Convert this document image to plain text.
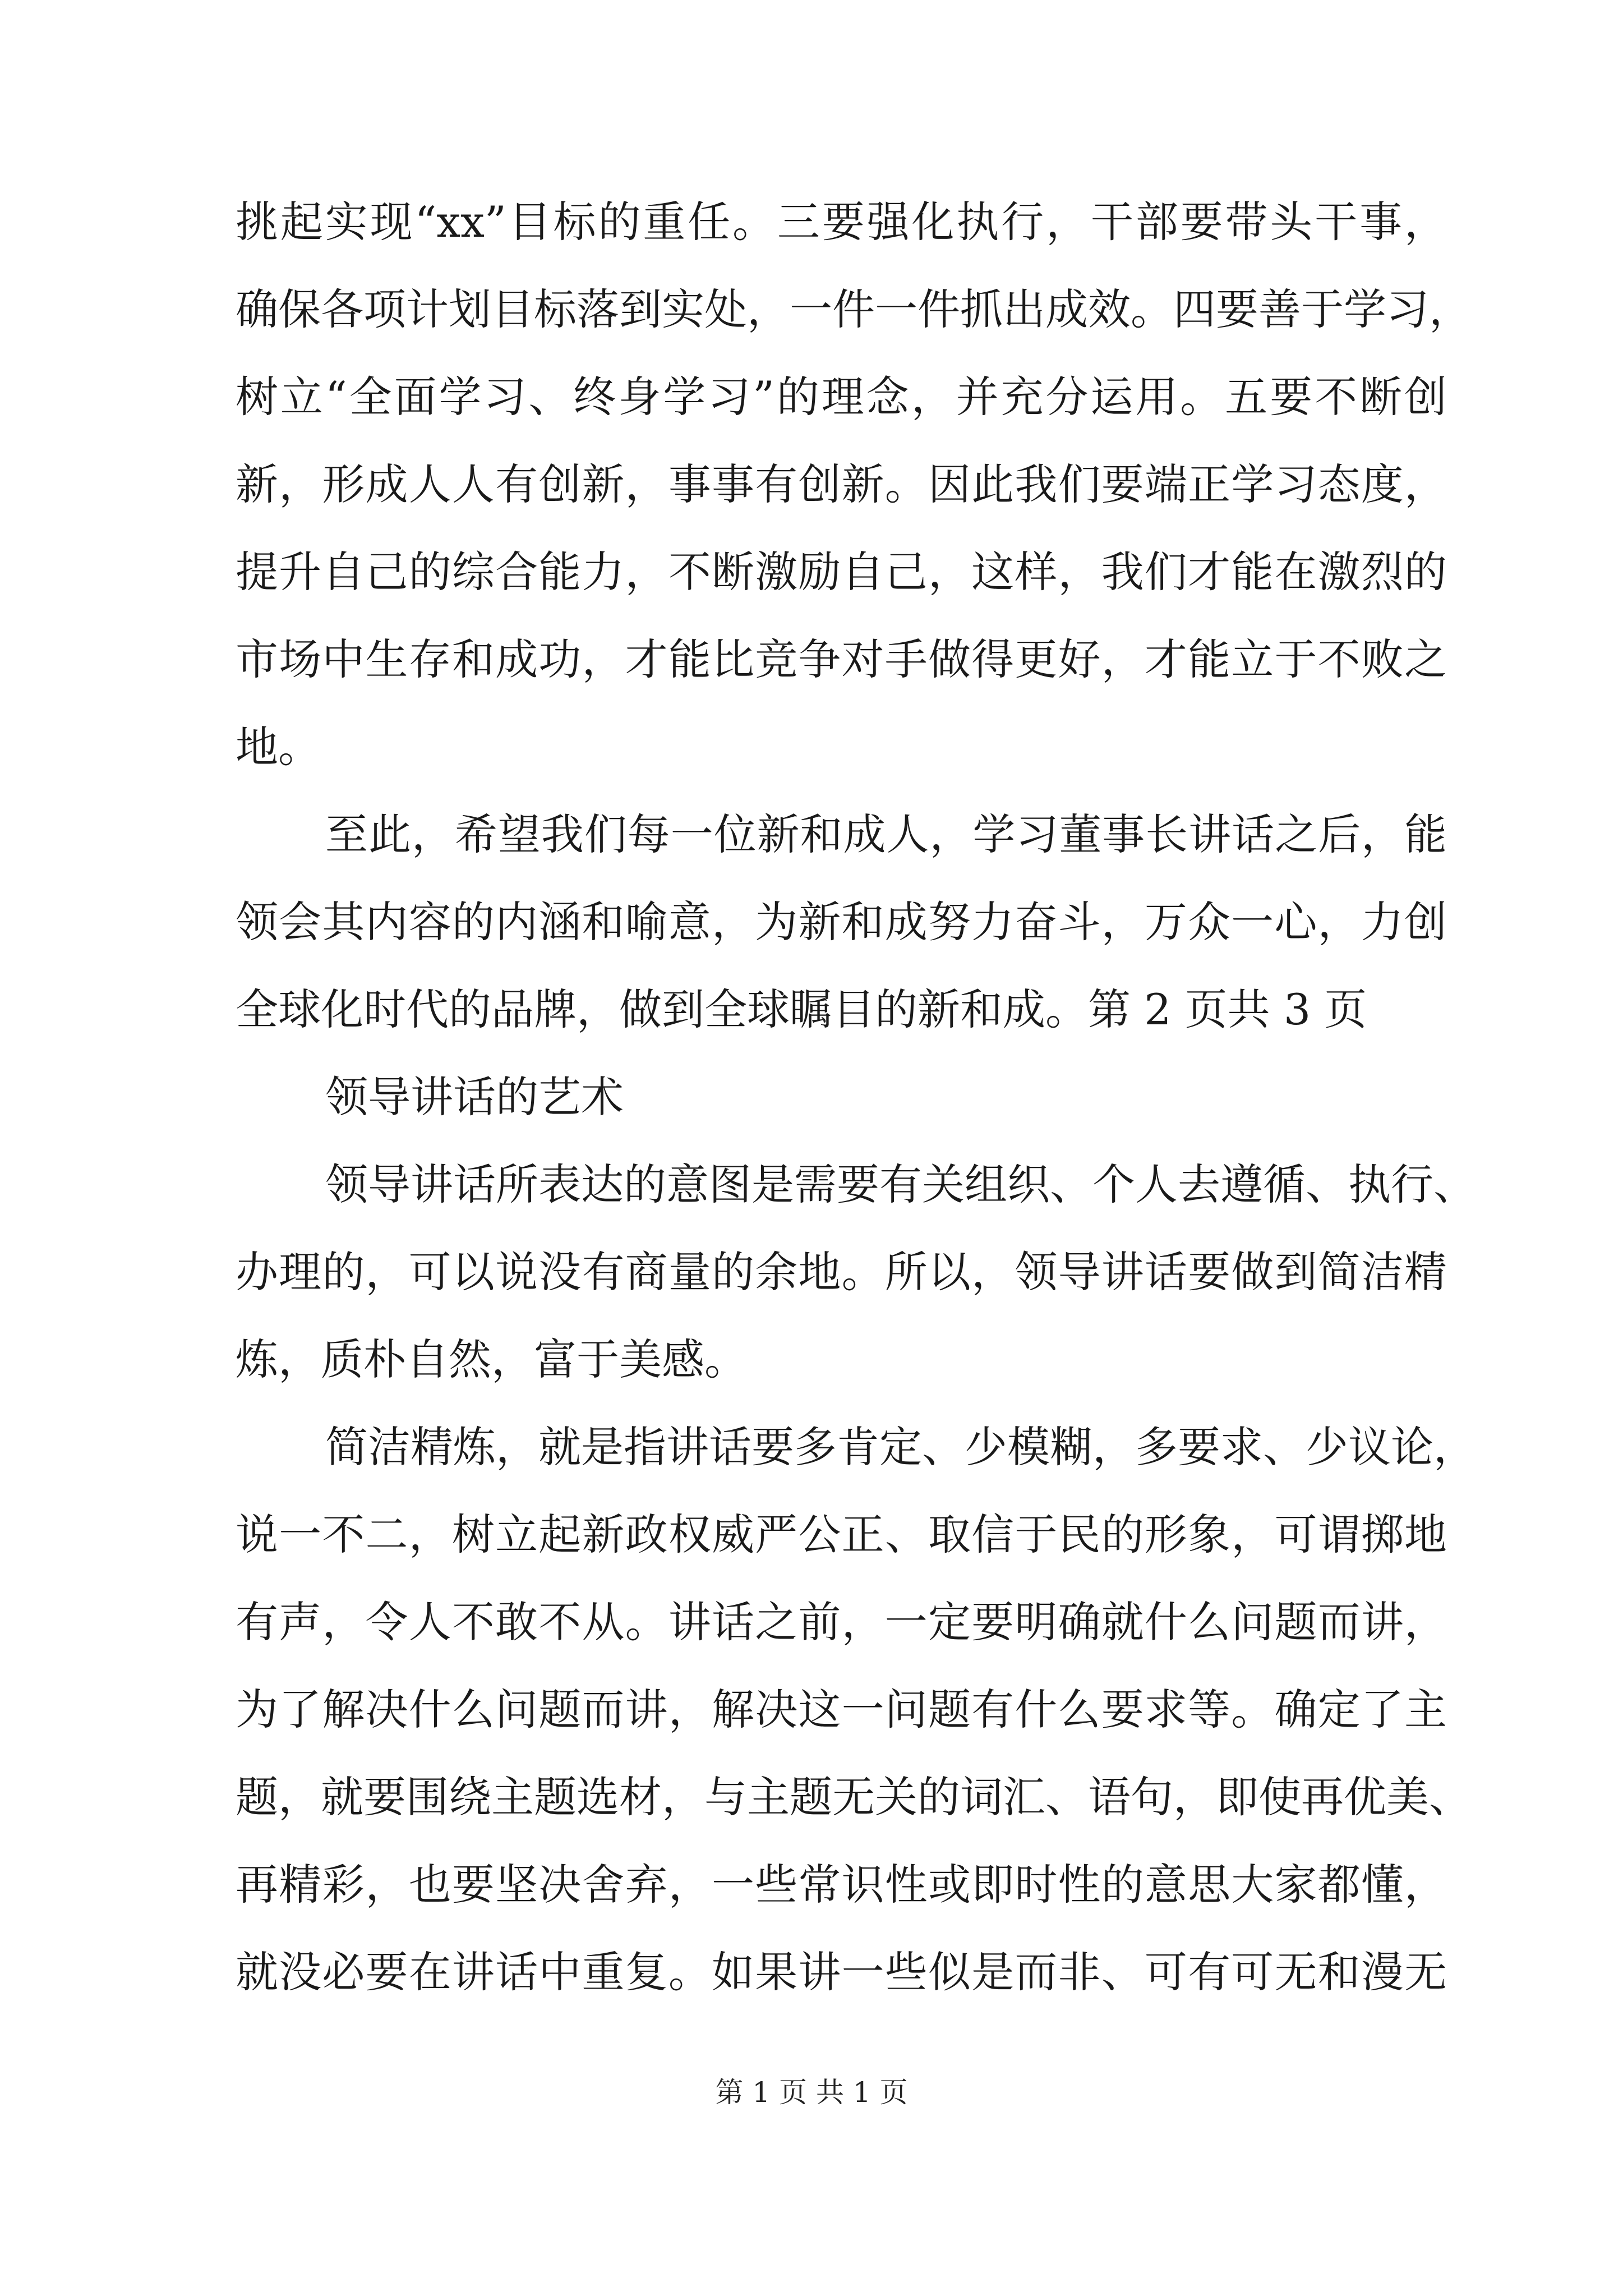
挑起实现“xx”目标的重任。三要强化执行，干部要带头干事，
确保各项计划目标落到实处，一件一件抓出成效。四要善于学习，
树立“全面学习、终身学习”的理念，并充分运用。五要不断创
新，形成人人有创新，事事有创新。因此我们要端正学习态度，
提升自己的综合能力，不断激励自己，这样，我们才能在激烈的
市场中生存和成功，才能比竞争对手做得更好，才能立于不败之
地。
至此，希望我们每一位新和成人，学习董事长讲话之后，能
领会其内容的内涵和喻意，为新和成努力奋斗，万众一心，力创
全球化时代的品牌，做到全球瞩目的新和成。第 2 页共 3 页
领导讲话的艺术
领导讲话所表达的意图是需要有关组织、个人去遵循、执行、
办理的，可以说没有商量的余地。所以，领导讲话要做到简洁精
炼，质朴自然，富于美感。
简洁精炼，就是指讲话要多肯定、少模糊，多要求、少议论，
说一不二，树立起新政权威严公正、取信于民的形象，可谓掷地
有声，令人不敢不从。讲话之前，一定要明确就什么问题而讲，
为了解决什么问题而讲，解决这一问题有什么要求等。确定了主
题，就要围绕主题选材，与主题无关的词汇、语句，即使再优美、
再精彩，也要坚决舍弃，一些常识性或即时性的意思大家都懂，
就没必要在讲话中重复。如果讲一些似是而非、可有可无和漫无
第 1 页 共 1 页
